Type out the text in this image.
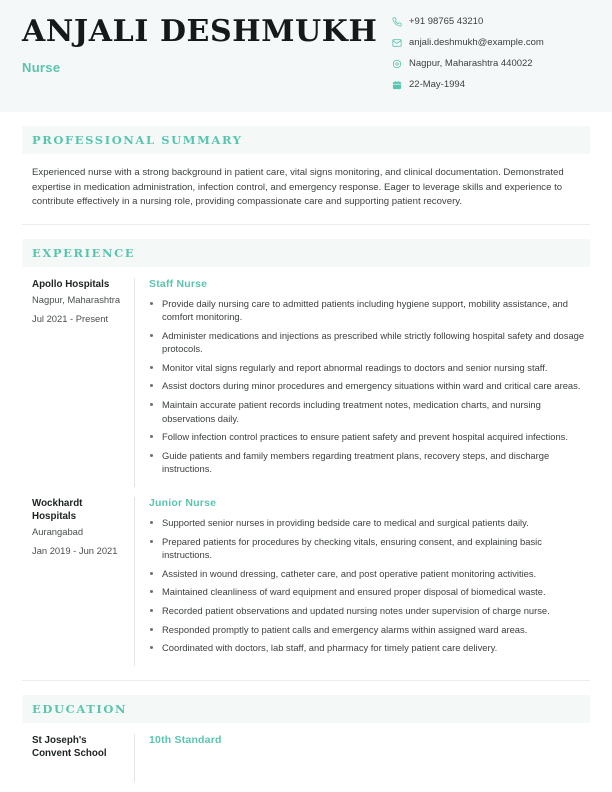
ANJALI DESHMUKH
Nurse
+91 98765 43210
anjali.deshmukh@example.com
Nagpur, Maharashtra 440022
22-May-1994
PROFESSIONAL SUMMARY
Experienced nurse with a strong background in patient care, vital signs monitoring, and clinical documentation. Demonstrated expertise in medication administration, infection control, and emergency response. Eager to leverage skills and experience to contribute effectively in a nursing role, providing compassionate care and supporting patient recovery.
EXPERIENCE
Apollo Hospitals
Nagpur, Maharashtra
Jul 2021 - Present
Staff Nurse
Provide daily nursing care to admitted patients including hygiene support, mobility assistance, and comfort monitoring.
Administer medications and injections as prescribed while strictly following hospital safety and dosage protocols.
Monitor vital signs regularly and report abnormal readings to doctors and senior nursing staff.
Assist doctors during minor procedures and emergency situations within ward and critical care areas.
Maintain accurate patient records including treatment notes, medication charts, and nursing observations daily.
Follow infection control practices to ensure patient safety and prevent hospital acquired infections.
Guide patients and family members regarding treatment plans, recovery steps, and discharge instructions.
Wockhardt Hospitals
Aurangabad
Jan 2019 - Jun 2021
Junior Nurse
Supported senior nurses in providing bedside care to medical and surgical patients daily.
Prepared patients for procedures by checking vitals, ensuring consent, and explaining basic instructions.
Assisted in wound dressing, catheter care, and post operative patient monitoring activities.
Maintained cleanliness of ward equipment and ensured proper disposal of biomedical waste.
Recorded patient observations and updated nursing notes under supervision of charge nurse.
Responded promptly to patient calls and emergency alarms within assigned ward areas.
Coordinated with doctors, lab staff, and pharmacy for timely patient care delivery.
EDUCATION
St Joseph's Convent School
10th Standard
